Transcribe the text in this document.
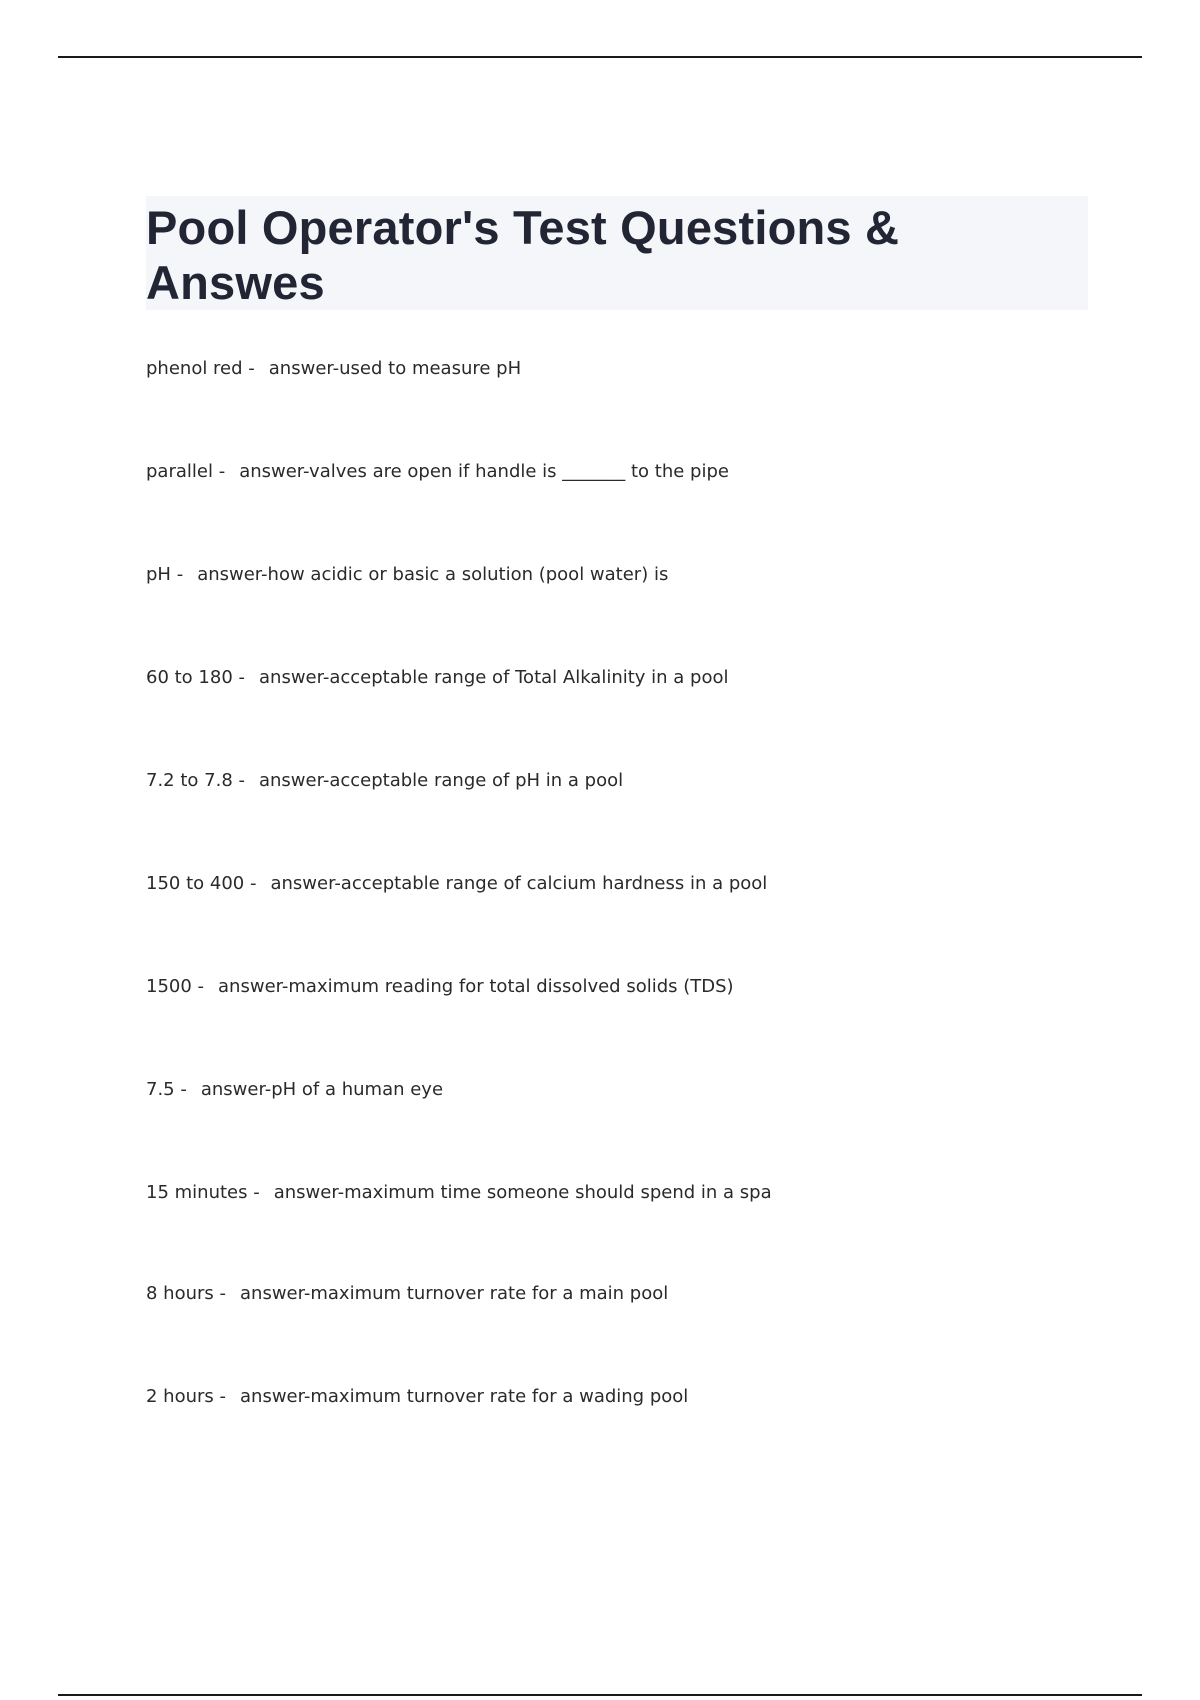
Pool Operator's Test Questions & Answes
phenol red - answer-used to measure pH
parallel - answer-valves are open if handle is _______ to the pipe
pH - answer-how acidic or basic a solution (pool water) is
60 to 180 - answer-acceptable range of Total Alkalinity in a pool
7.2 to 7.8 - answer-acceptable range of pH in a pool
150 to 400 - answer-acceptable range of calcium hardness in a pool
1500 - answer-maximum reading for total dissolved solids (TDS)
7.5 - answer-pH of a human eye
15 minutes - answer-maximum time someone should spend in a spa
8 hours - answer-maximum turnover rate for a main pool
2 hours - answer-maximum turnover rate for a wading pool
